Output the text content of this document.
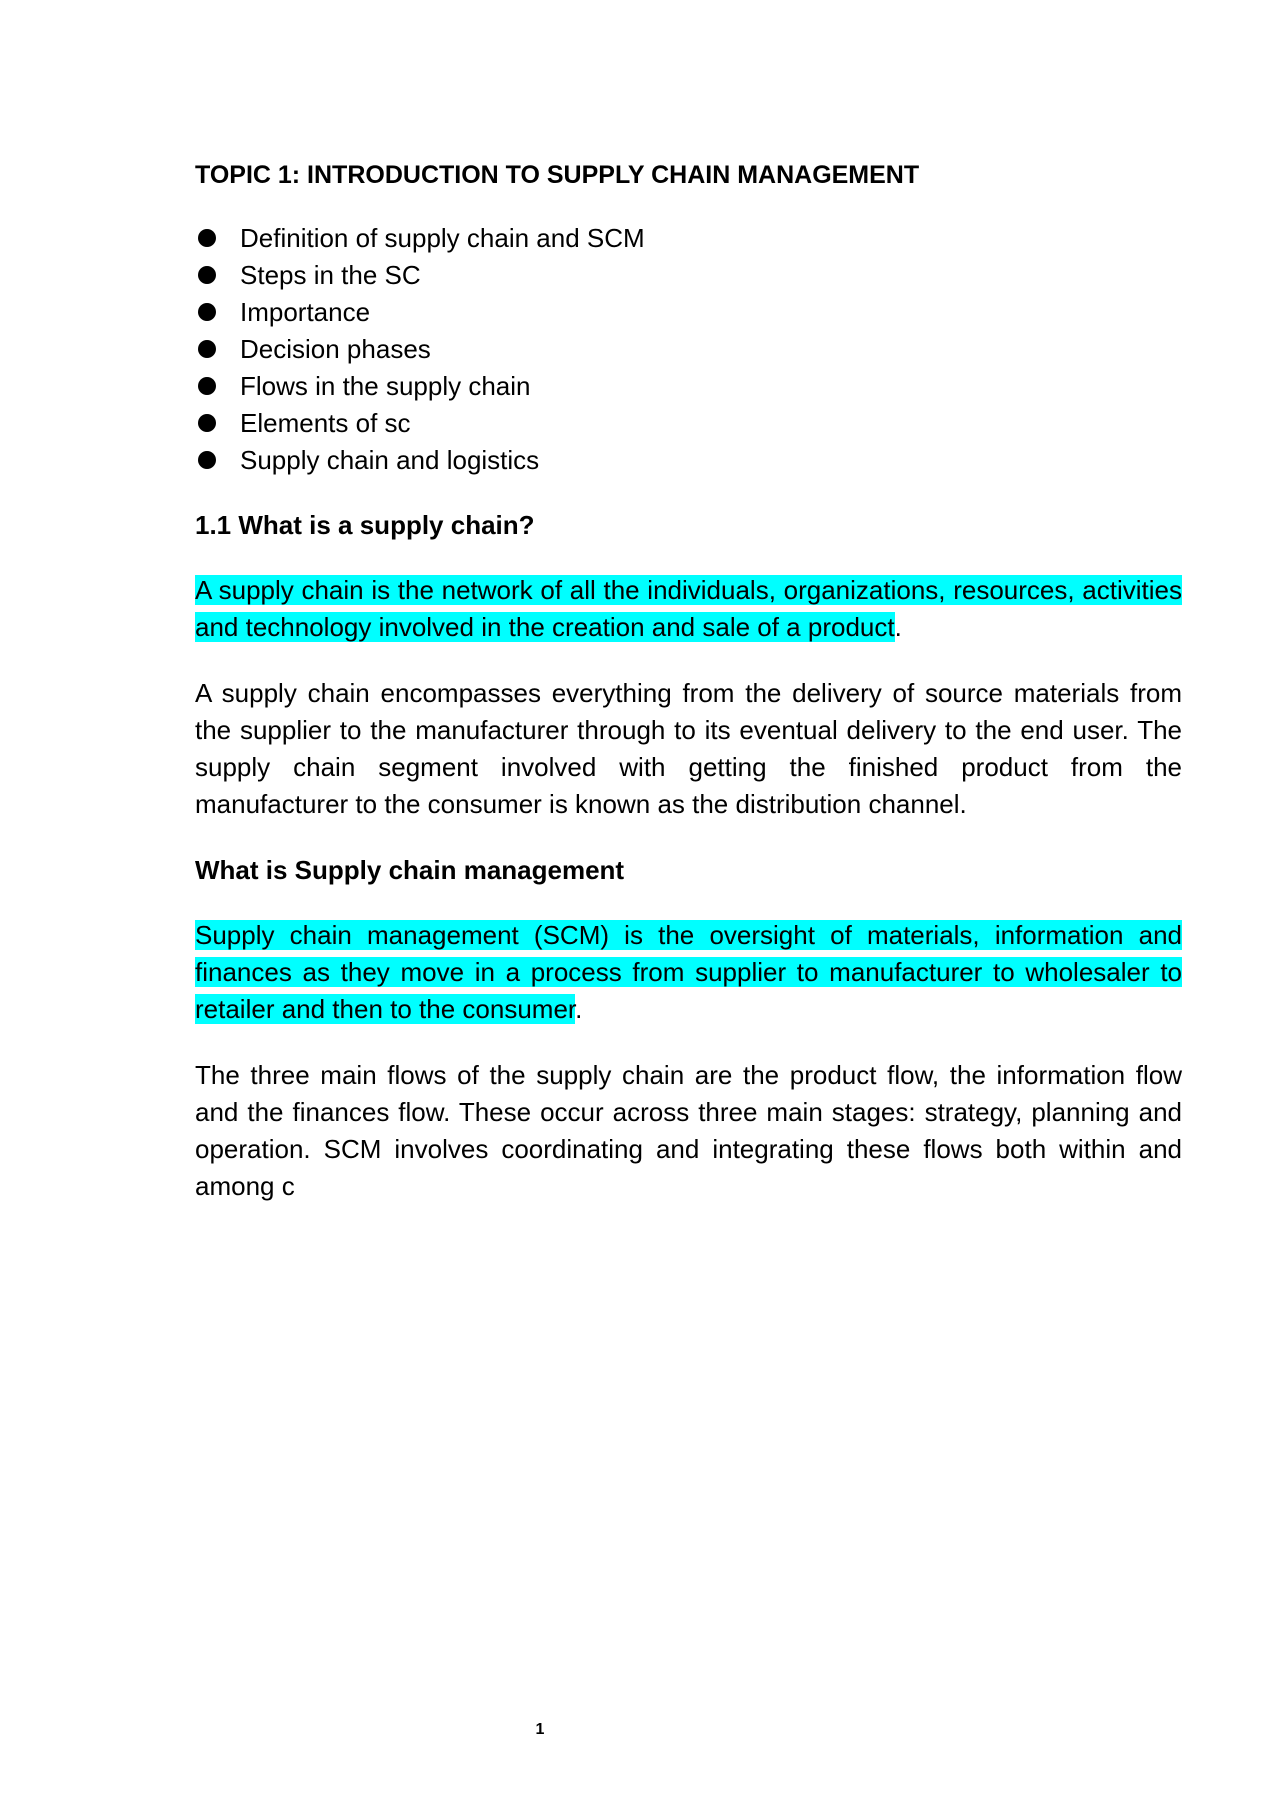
TOPIC 1: INTRODUCTION TO SUPPLY CHAIN MANAGEMENT
Definition of supply chain and SCM
Steps in the SC
Importance
Decision phases
Flows in the supply chain
Elements of sc
Supply chain and logistics
1.1 What is a supply chain?

A supply chain is the network of all the individuals, organizations, resources, activities and technology involved in the creation and sale of a product.

A supply chain encompasses everything from the delivery of source materials from the supplier to the manufacturer through to its eventual delivery to the end user. The supply chain segment involved with getting the finished product from the manufacturer to the consumer is known as the distribution channel.

What is Supply chain management

Supply chain management (SCM) is the oversight of materials, information and finances as they move in a process from supplier to manufacturer to wholesaler to retailer and then to the consumer.

The three main flows of the supply chain are the product flow, the information flow and the finances flow. These occur across three main stages: strategy, planning and operation. SCM involves coordinating and integrating these flows both within and among c

1
